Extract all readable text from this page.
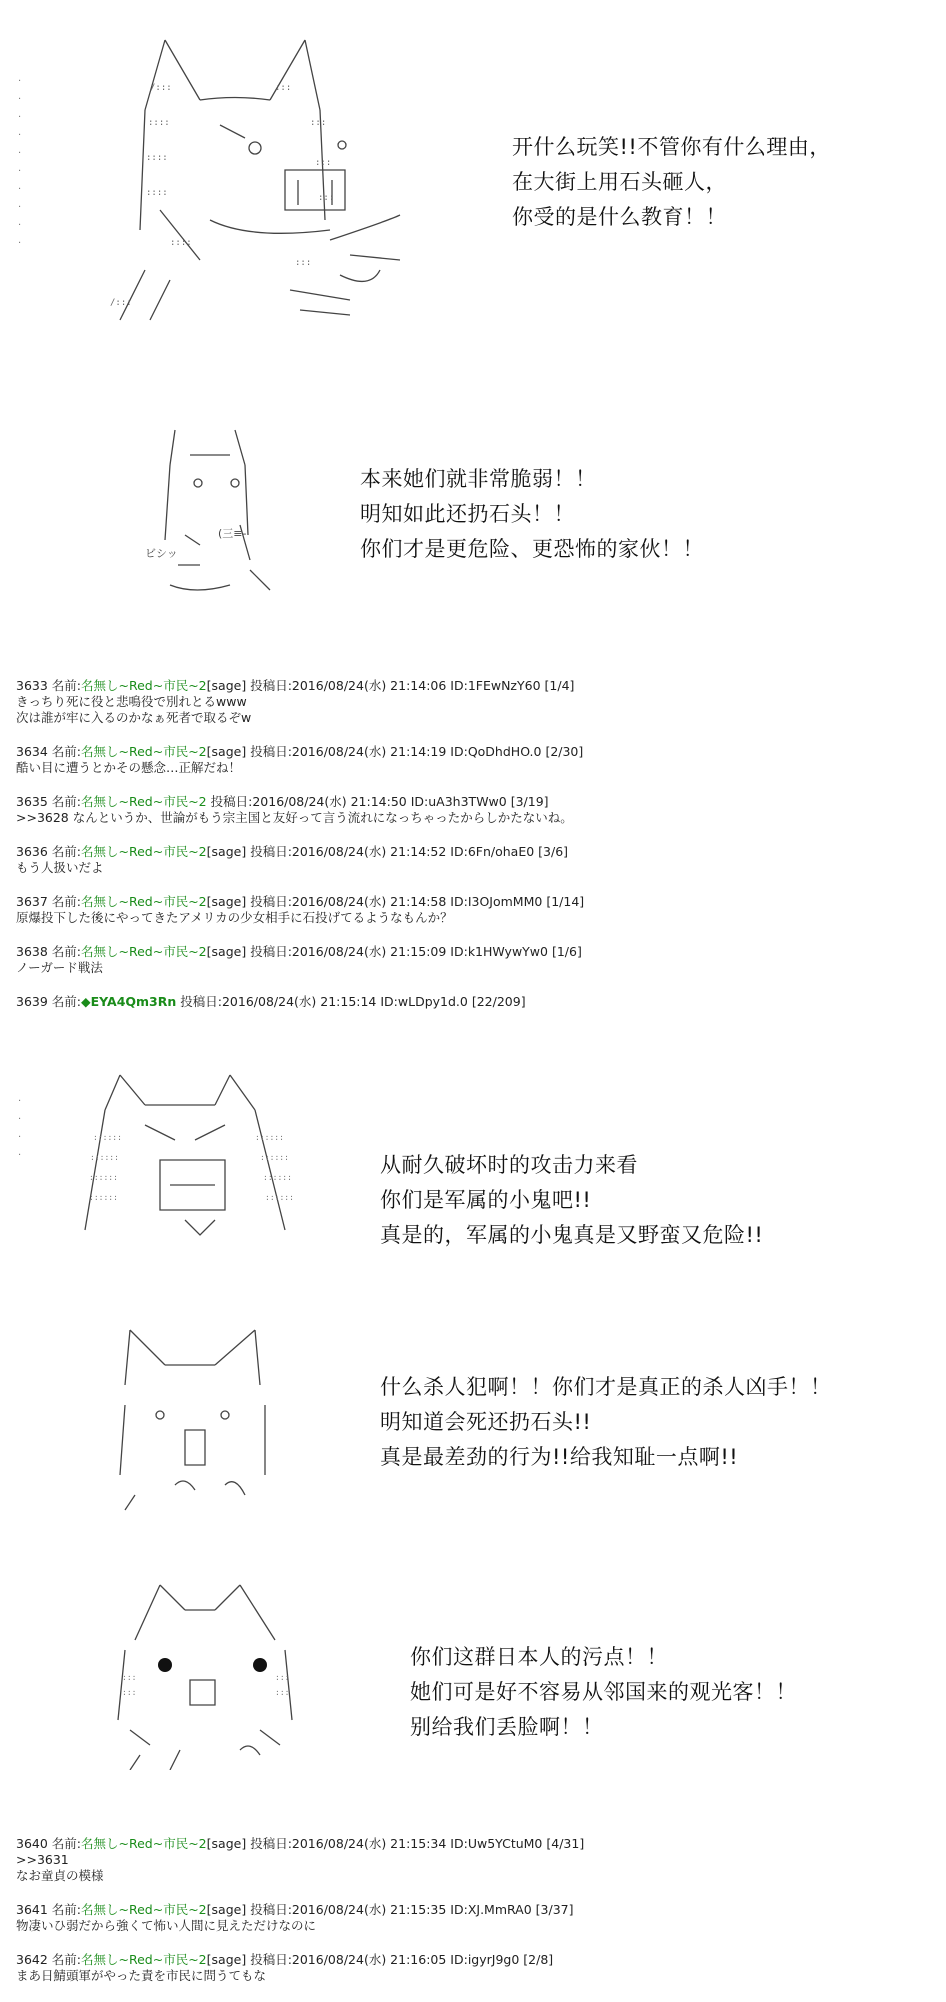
.
.
.
.
.
.
.
.
.
.

/:::
::::
::::
::::
:::
:::
:::
:::
::::
/:::
:::
开什么玩笑!!不管你有什么理由，
在大街上用石头砸人，
你受的是什么教育！！
ビシッ
(三≡-
本来她们就非常脆弱！！
明知如此还扔石头！！
你们才是更危险、更恐怖的家伙！！
3633 名前:名無し~Red~市民~2[sage] 投稿日:2016/08/24(水) 21:14:06 ID:1FEwNzY60 [1/4]
きっちり死に役と悲鳴役で別れとるwww
次は誰が牢に入るのかなぁ死者で取るぞw
3634 名前:名無し~Red~市民~2[sage] 投稿日:2016/08/24(水) 21:14:19 ID:QoDhdHO.0 [2/30]
酷い目に遭うとかその懸念…正解だね！
3635 名前:名無し~Red~市民~2 投稿日:2016/08/24(水) 21:14:50 ID:uA3h3TWw0 [3/19]
>>3628 なんというか、世論がもう宗主国と友好って言う流れになっちゃったからしかたないね。
3636 名前:名無し~Red~市民~2[sage] 投稿日:2016/08/24(水) 21:14:52 ID:6Fn/ohaE0 [3/6]
もう人扱いだよ
3637 名前:名無し~Red~市民~2[sage] 投稿日:2016/08/24(水) 21:14:58 ID:I3OJomMM0 [1/14]
原爆投下した後にやってきたアメリカの少女相手に石投げてるようなもんか？
3638 名前:名無し~Red~市民~2[sage] 投稿日:2016/08/24(水) 21:15:09 ID:k1HWywYw0 [1/6]
ノーガード戦法
3639 名前:◆EYA4Qm3Rn 投稿日:2016/08/24(水) 21:15:14 ID:wLDpy1d.0 [22/209]
.
.
.
.

::::::
::::::
::::::
::::::
::::::
::::::
::::::
::::::
从耐久破坏时的攻击力来看
你们是军属的小鬼吧!!
真是的，军属的小鬼真是又野蛮又危险!!
什么杀人犯啊！！你们才是真正的杀人凶手！！
明知道会死还扔石头!!
真是最差劲的行为!!给我知耻一点啊!!
:::
:::
:::
:::
你们这群日本人的污点！！
她们可是好不容易从邻国来的观光客！！
别给我们丢脸啊！！
3640 名前:名無し~Red~市民~2[sage] 投稿日:2016/08/24(水) 21:15:34 ID:Uw5YCtuM0 [4/31]
>>3631
なお童貞の模様
3641 名前:名無し~Red~市民~2[sage] 投稿日:2016/08/24(水) 21:15:35 ID:XJ.MmRA0 [3/37]
物凄いひ弱だから強くて怖い人間に見えただけなのに
3642 名前:名無し~Red~市民~2[sage] 投稿日:2016/08/24(水) 21:16:05 ID:igyrJ9g0 [2/8]
まあ日鯖頭軍がやった責を市民に問うてもな
